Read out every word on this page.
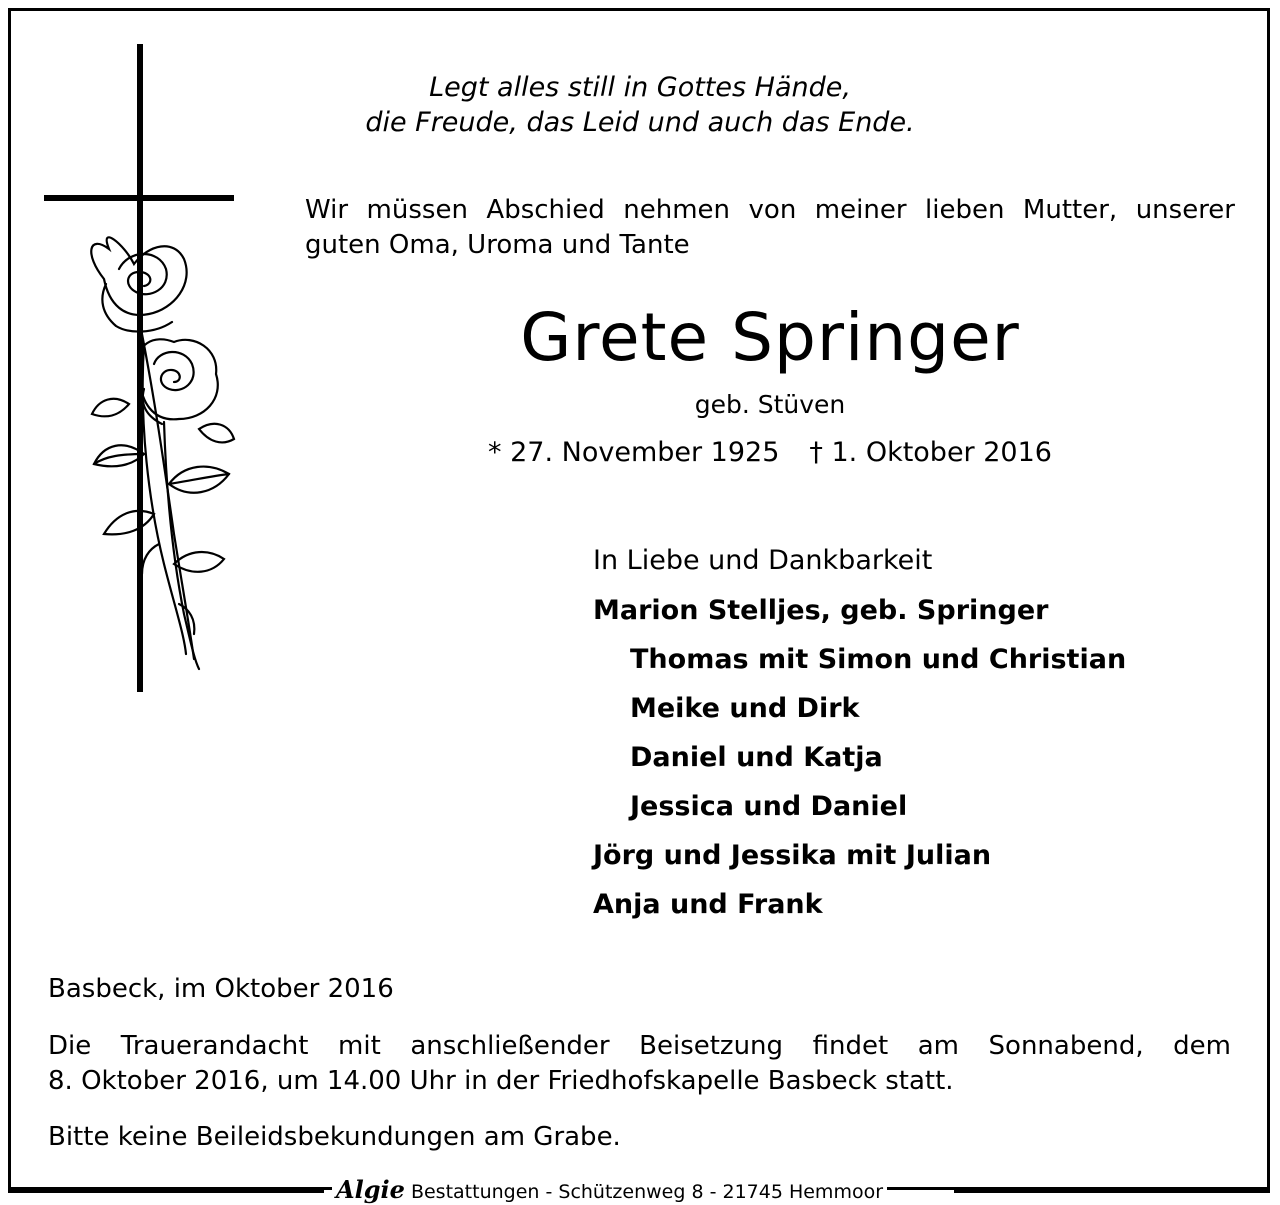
Legt alles still in Gottes Hände,
die Freude, das Leid und auch das Ende.
Wir müssen Abschied nehmen von meiner lieben Mutter, unserer
guten Oma, Uroma und Tante
Grete Springer
geb. Stüven
* 27. November 1925 † 1. Oktober 2016
In Liebe und Dankbarkeit
Marion Stelljes, geb. Springer
Thomas mit Simon und Christian
Meike und Dirk
Daniel und Katja
Jessica und Daniel
Jörg und Jessika mit Julian
Anja und Frank
Basbeck, im Oktober 2016
Die Trauerandacht mit anschließender Beisetzung findet am Sonnabend, dem
8. Oktober 2016, um 14.00 Uhr in der Friedhofskapelle Basbeck statt.
Bitte keine Beileidsbekundungen am Grabe.
Algie Bestattungen - Schützenweg 8 - 21745 Hemmoor
